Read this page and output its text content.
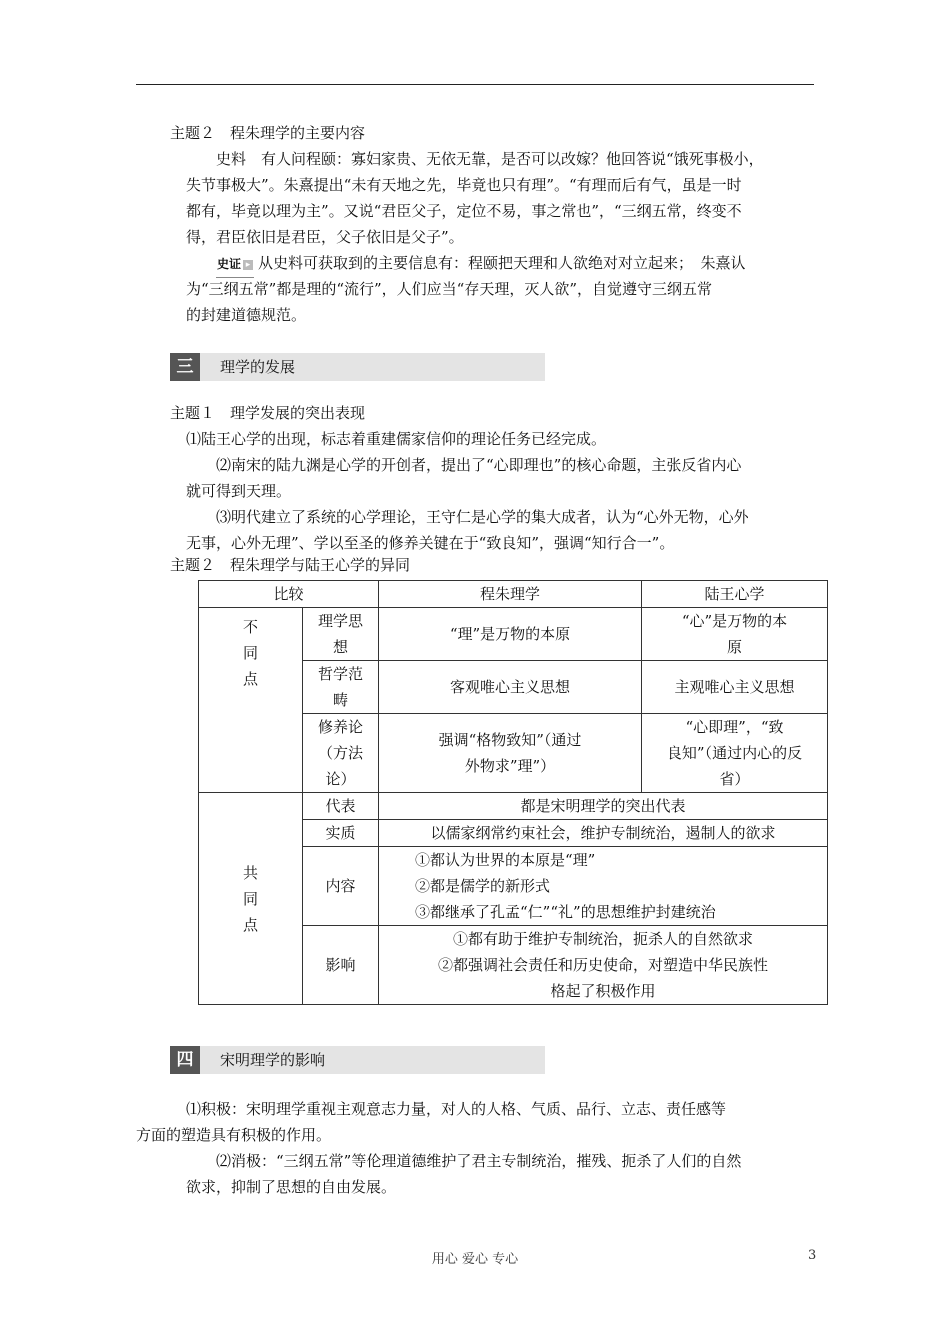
主题２　程朱理学的主要内容
史料　有人问程颐：寡妇家贵、无依无靠，是否可以改嫁？他回答说“饿死事极小，
失节事极大”。朱熹提出“未有天地之先，毕竟也只有理”。“有理而后有气，虽是一时
都有，毕竟以理为主”。又说“君臣父子，定位不易，事之常也”，“三纲五常，终变不
得，君臣依旧是君臣，父子依旧是父子”。
史证 ▸ 从史料可获取到的主要信息有：程颐把天理和人欲绝对对立起来；　朱熹认
为“三纲五常”都是理的“流行”，人们应当“存天理，灭人欲”，自觉遵守三纲五常
的封建道德规范。
三	理学的发展
主题１　理学发展的突出表现
⑴陆王心学的出现，标志着重建儒家信仰的理论任务已经完成。
⑵南宋的陆九渊是心学的开创者，提出了“心即理也”的核心命题，主张反省内心
就可得到天理。
⑶明代建立了系统的心学理论，王守仁是心学的集大成者，认为“心外无物，心外
无事，心外无理”、学以至圣的修养关键在于“致良知”，强调“知行合一”。
主题２　程朱理学与陆王心学的异同
比较		程朱理学	陆王心学
不
同
点	理学思
想	“理”是万物的本原	“心”是万物的本
原
	哲学范
畴	客观唯心主义思想	主观唯心主义思想
	修养论
（方法
论）	强调“格物致知”（通过
外物求”理”）	“心即理”，“致
良知”（通过内心的反
省）
共
同
点	代表	都是宋明理学的突出代表	
	实质	以儒家纲常约束社会，维护专制统治，遏制人的欲求	
	内容	①都认为世界的本原是“理”
②都是儒学的新形式
③都继承了孔孟“仁”“礼”的思想维护封建统治	
	影响	①都有助于维护专制统治，扼杀人的自然欲求
②都强调社会责任和历史使命，对塑造中华民族性
格起了积极作用	
四	宋明理学的影响
⑴积极：宋明理学重视主观意志力量，对人的人格、气质、品行、立志、责任感等
方面的塑造具有积极的作用。
⑵消极：“三纲五常”等伦理道德维护了君主专制统治，摧残、扼杀了人们的自然
欲求，抑制了思想的自由发展。
用心 爱心 专心	3
